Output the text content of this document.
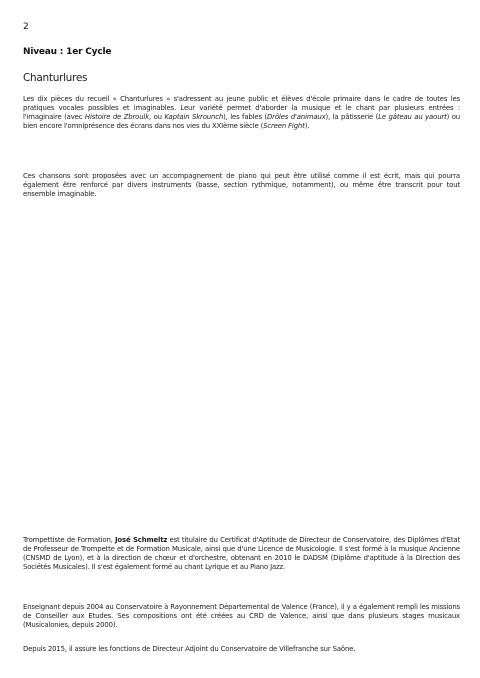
2
Niveau : 1er Cycle
Chanturlures

Les dix pièces du recueil « Chanturlures » s'adressent au jeune public et élèves d'école primaire dans le cadre de toutes les pratiques vocales possibles et imaginables. Leur variété permet d'aborder la musique et le chant par plusieurs entrées : l'imaginaire (avec Histoire de Zbroulk, ou Kaptain Skrounch), les fables (Drôles d'animaux), la pâtisserie (Le gâteau au yaourt) ou bien encore l'omniprésence des écrans dans nos vies du XXIème siècle (Screen Fight).

Ces chansons sont proposées avec un accompagnement de piano qui peut être utilisé comme il est écrit, mais qui pourra également être renforcé par divers instruments (basse, section rythmique, notamment), ou même être transcrit pour tout ensemble imaginable.

Trompettiste de Formation, José Schmeltz est titulaire du Certificat d'Aptitude de Directeur de Conservatoire, des Diplômes d'Etat de Professeur de Trompette et de Formation Musicale, ainsi que d'une Licence de Musicologie. Il s'est formé à la musique Ancienne (CNSMD de Lyon), et à la direction de chœur et d'orchestre, obtenant en 2010 le DADSM (Diplôme d'aptitude à la Direction des Sociétés Musicales). Il s'est également formé au chant Lyrique et au Piano Jazz.

Enseignant depuis 2004 au Conservatoire à Rayonnement Départemental de Valence (France), il y a également rempli les missions de Conseiller aux Etudes. Ses compositions ont été créées au CRD de Valence, ainsi que dans plusieurs stages musicaux (Musicalonies, depuis 2000).

Depuis 2015, il assure les fonctions de Directeur Adjoint du Conservatoire de Villefranche sur Saône.
